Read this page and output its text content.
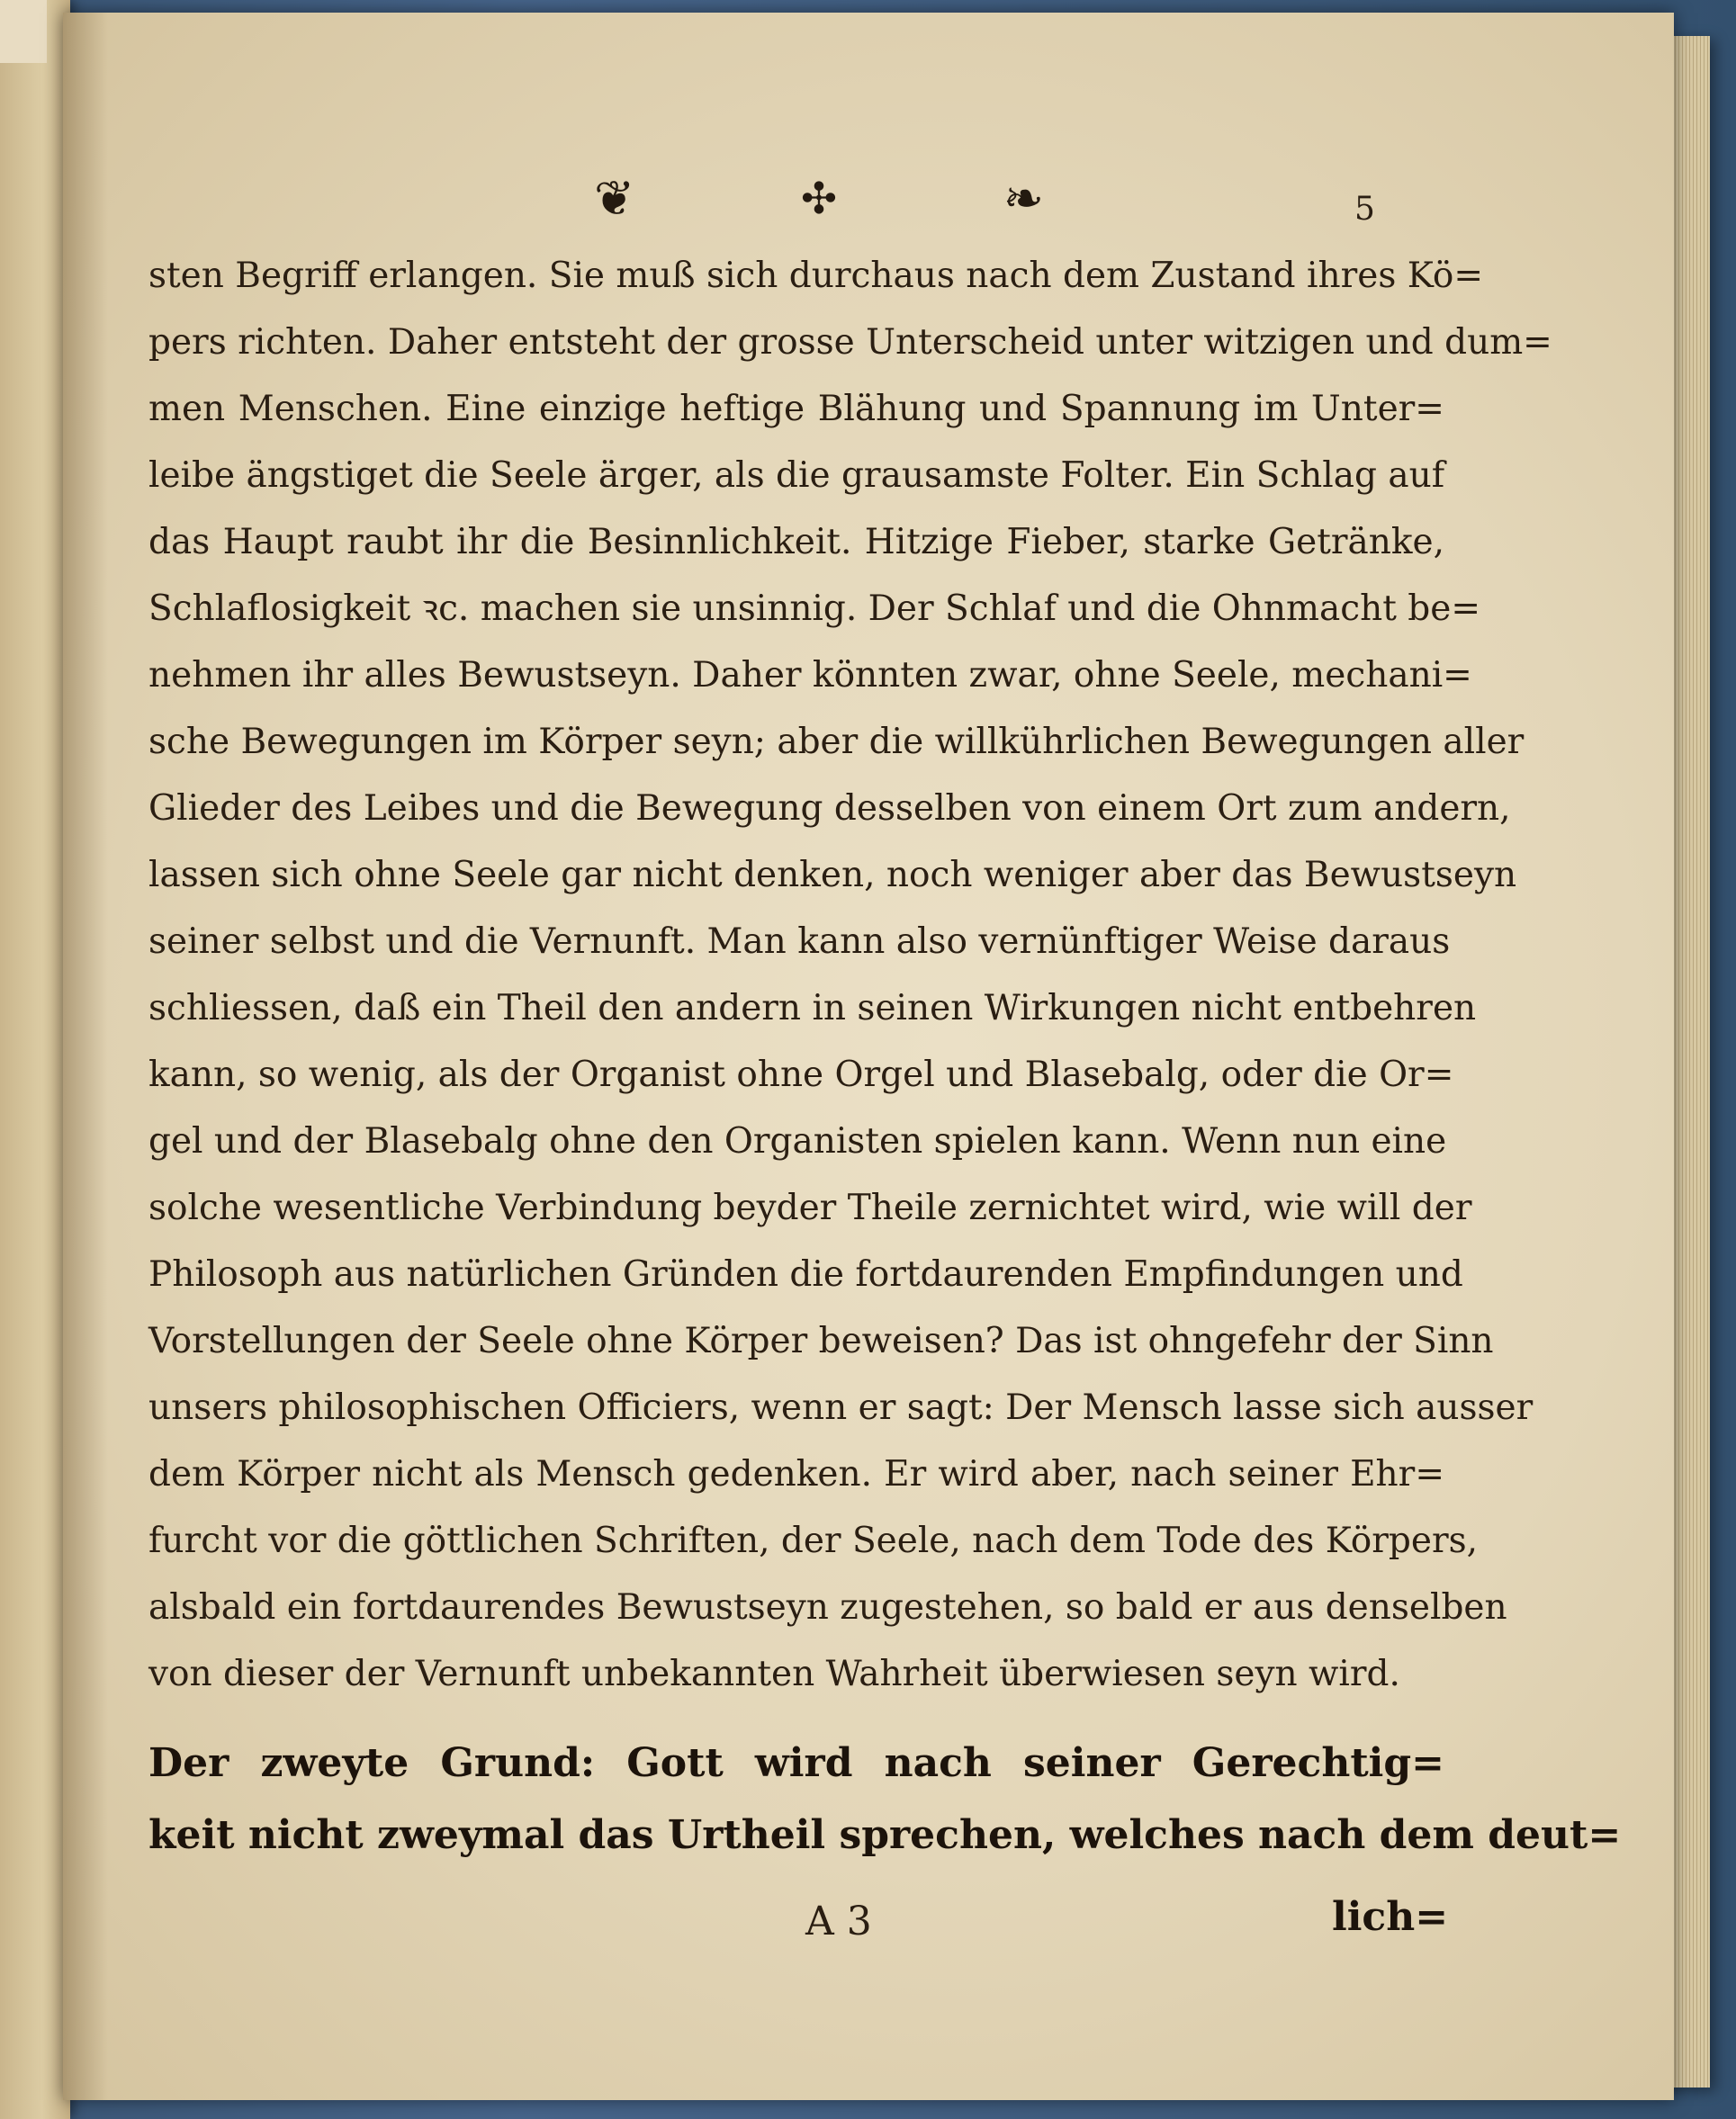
❦	✣	❧	5
sten Begriff erlangen. Sie muß sich durchaus nach dem Zustand ihres Kö=
pers richten. Daher entsteht der grosse Unterscheid unter witzigen und dum=
men Menschen. Eine einzige heftige Blähung und Spannung im Unter=
leibe ängstiget die Seele ärger, als die grausamste Folter. Ein Schlag auf
das Haupt raubt ihr die Besinnlichkeit. Hitzige Fieber, starke Getränke,
Schlaflosigkeit ꝛc. machen sie unsinnig. Der Schlaf und die Ohnmacht be=
nehmen ihr alles Bewustseyn. Daher könnten zwar, ohne Seele, mechani=
sche Bewegungen im Körper seyn; aber die willkührlichen Bewegungen aller
Glieder des Leibes und die Bewegung desselben von einem Ort zum andern,
lassen sich ohne Seele gar nicht denken, noch weniger aber das Bewustseyn
seiner selbst und die Vernunft. Man kann also vernünftiger Weise daraus
schliessen, daß ein Theil den andern in seinen Wirkungen nicht entbehren
kann, so wenig, als der Organist ohne Orgel und Blasebalg, oder die Or=
gel und der Blasebalg ohne den Organisten spielen kann. Wenn nun eine
solche wesentliche Verbindung beyder Theile zernichtet wird, wie will der
Philosoph aus natürlichen Gründen die fortdaurenden Empfindungen und
Vorstellungen der Seele ohne Körper beweisen? Das ist ohngefehr der Sinn
unsers philosophischen Officiers, wenn er sagt: Der Mensch lasse sich ausser
dem Körper nicht als Mensch gedenken. Er wird aber, nach seiner Ehr=
furcht vor die göttlichen Schriften, der Seele, nach dem Tode des Körpers,
alsbald ein fortdaurendes Bewustseyn zugestehen, so bald er aus denselben
von dieser der Vernunft unbekannten Wahrheit überwiesen seyn wird.
Der zweyte Grund: Gott wird nach seiner Gerechtig=
keit nicht zweymal das Urtheil sprechen, welches nach dem deut=
A 3	lich=
